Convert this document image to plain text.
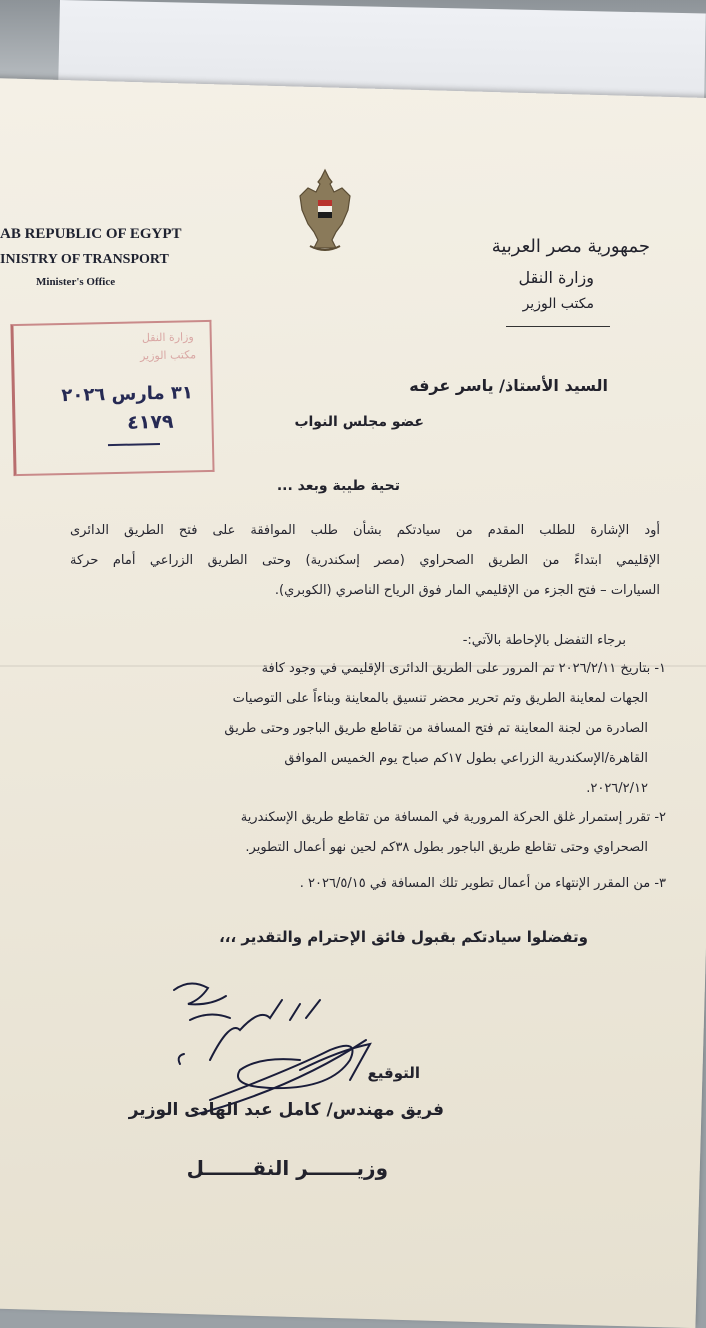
AB REPUBLIC OF EGYPT
INISTRY OF TRANSPORT
Minister's Office
جمهورية مصر العربية
وزارة النقل
مكتب الوزير
وزارة النقل
مكتب الوزير
٣١ مارس ٢٠٢٦
٤١٧٩
السيد الأستاذ/ ياسر عرفه
عضو مجلس النواب
تحية طيبة وبعد ...
أود الإشارة للطلب المقدم من سيادتكم بشأن طلب الموافقة على فتح الطريق الدائرى
الإقليمي ابتداءً من الطريق الصحراوي (مصر إسكندرية) وحتى الطريق الزراعي أمام حركة
السيارات – فتح الجزء من الإقليمي المار فوق الرياح الناصري (الكوبري).
برجاء التفضل بالإحاطة بالآتي:-
١- بتاريخ ٢٠٢٦/٢/١١ تم المرور على الطريق الدائرى الإقليمي في وجود كافة
الجهات لمعاينة الطريق وتم تحرير محضر تنسيق بالمعاينة وبناءاً على التوصيات
الصادرة من لجنة المعاينة تم فتح المسافة من تقاطع طريق الباجور وحتى طريق
القاهرة/الإسكندرية الزراعي بطول ١٧كم صباح يوم الخميس الموافق
٢٠٢٦/٢/١٢.
٢- تقرر إستمرار غلق الحركة المرورية في المسافة من تقاطع طريق الإسكندرية
الصحراوي وحتى تقاطع طريق الباجور بطول ٣٨كم لحين نهو أعمال التطوير.
٣- من المقرر الإنتهاء من أعمال تطوير تلك المسافة في ٢٠٢٦/٥/١٥ .
وتفضلوا سيادتكم بقبول فائق الإحترام والتقدير ،،،
التوقيع
فريق مهندس/ كامل عبد الهادى الوزير
وزيـــــــر النقـــــــل
